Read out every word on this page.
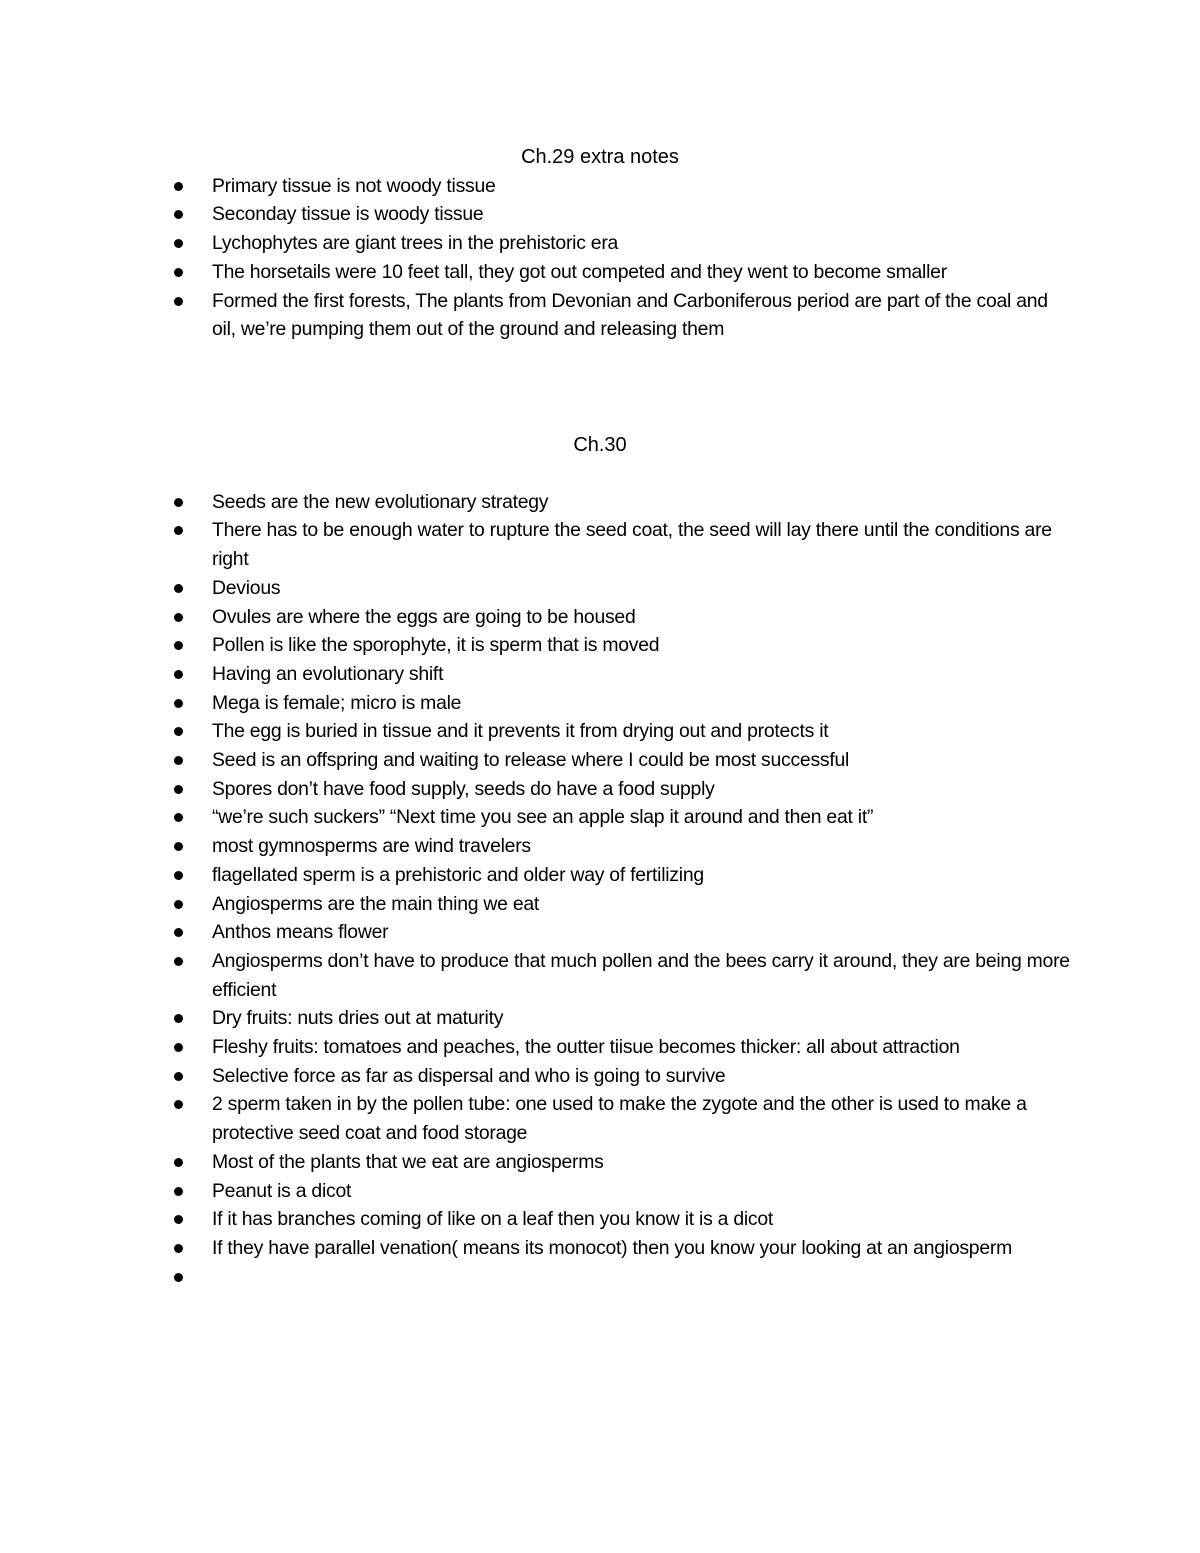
Ch.29 extra notes
Primary tissue is not woody tissue
Seconday tissue is woody tissue
Lychophytes are giant trees in the prehistoric era
The horsetails were 10 feet tall, they got out competed and they went to become smaller
Formed the first forests, The plants from Devonian and Carboniferous period are part of the coal and oil, we’re pumping them out of the ground and releasing them
Ch.30
Seeds are the new evolutionary strategy
There has to be enough water to rupture the seed coat, the seed will lay there until the conditions are right
Devious
Ovules are where the eggs are going to be housed
Pollen is like the sporophyte, it is sperm that is moved
Having an evolutionary shift
Mega is female; micro is male
The egg is buried in tissue and it prevents it from drying out and protects it
Seed is an offspring and waiting to release where I could be most successful
Spores don’t have food supply, seeds do have a food supply
“we’re such suckers” “Next time you see an apple slap it around and then eat it”
most gymnosperms are wind travelers
flagellated sperm is a prehistoric and older way of fertilizing
Angiosperms are the main thing we eat
Anthos means flower
Angiosperms don’t have to produce that much pollen and the bees carry it around, they are being more efficient
Dry fruits: nuts dries out at maturity
Fleshy fruits: tomatoes and peaches, the outter tiisue becomes thicker: all about attraction
Selective force as far as dispersal and who is going to survive
2 sperm taken in by the pollen tube: one used to make the zygote and the other is used to make a protective seed coat and food storage
Most of the plants that we eat are angiosperms
Peanut is a dicot
If it has branches coming of like on a leaf then you know it is a dicot
If they have parallel venation( means its monocot) then you know your looking at an angiosperm
